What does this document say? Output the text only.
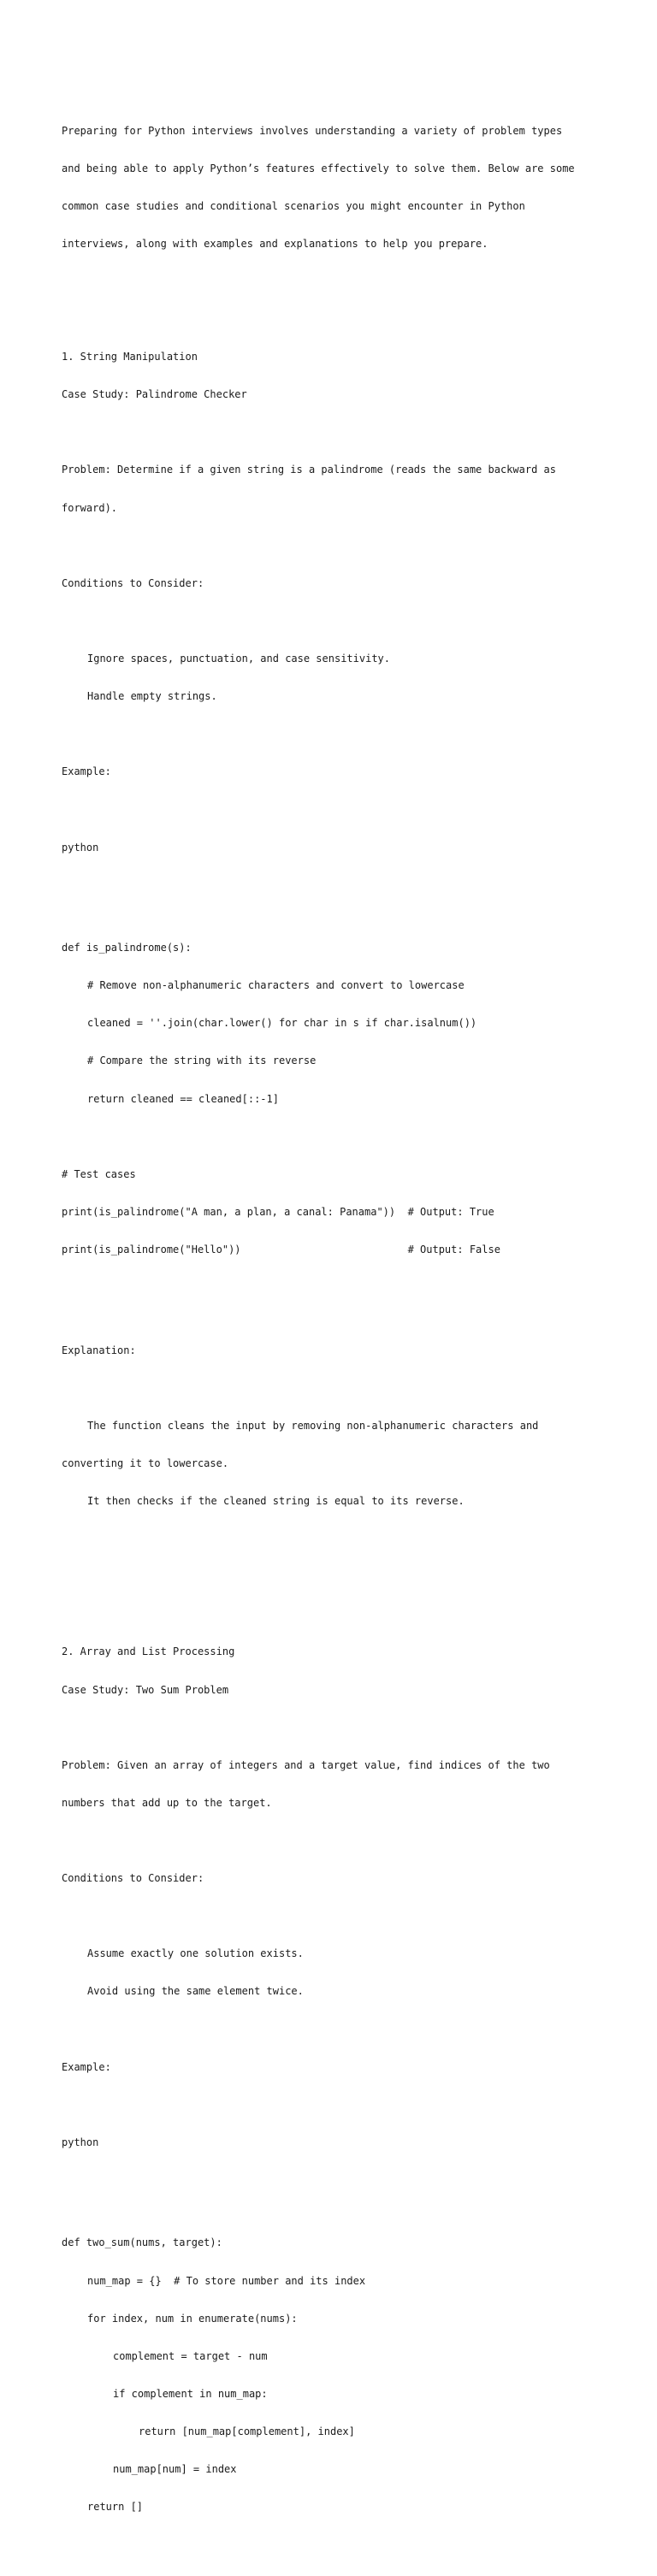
Preparing for Python interviews involves understanding a variety of problem types

and being able to apply Python’s features effectively to solve them. Below are some

common case studies and conditional scenarios you might encounter in Python

interviews, along with examples and explanations to help you prepare.

1. String Manipulation

Case Study: Palindrome Checker

Problem: Determine if a given string is a palindrome (reads the same backward as

forward).

Conditions to Consider:

Ignore spaces, punctuation, and case sensitivity.

Handle empty strings.

Example:

python

def is_palindrome(s):

# Remove non-alphanumeric characters and convert to lowercase

cleaned = ''.join(char.lower() for char in s if char.isalnum())

# Compare the string with its reverse

return cleaned == cleaned[::-1]

# Test cases

print(is_palindrome("A man, a plan, a canal: Panama"))  # Output: True

print(is_palindrome("Hello"))                           # Output: False

Explanation:

The function cleans the input by removing non-alphanumeric characters and

converting it to lowercase.

It then checks if the cleaned string is equal to its reverse.

2. Array and List Processing

Case Study: Two Sum Problem

Problem: Given an array of integers and a target value, find indices of the two

numbers that add up to the target.

Conditions to Consider:

Assume exactly one solution exists.

Avoid using the same element twice.

Example:

python

def two_sum(nums, target):

num_map = {}  # To store number and its index

for index, num in enumerate(nums):

complement = target - num

if complement in num_map:

return [num_map[complement], index]

num_map[num] = index

return []
